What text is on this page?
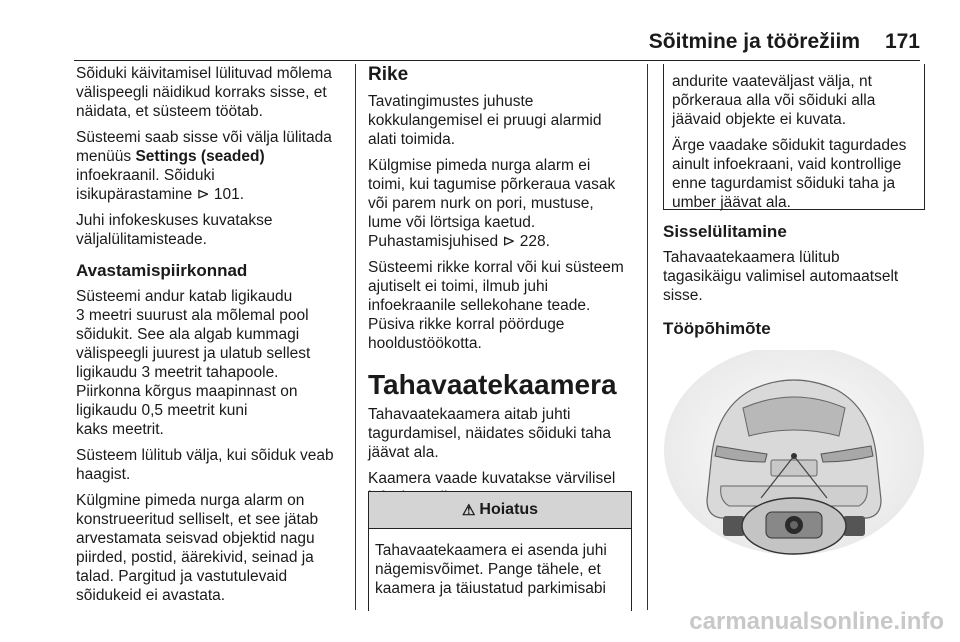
Sõitmine ja töörežiim 171

Sõiduki käivitamisel lülituvad mõlema
välispeegli näidikud korraks sisse, et
näidata, et süsteem töötab.

Süsteemi saab sisse või välja lülitada
menüüs Settings (seaded)
infoekraanil. Sõiduki
isikupärastamine ⊳ 101.

Juhi infokeskuses kuvatakse
väljalülitamisteade.

Avastamispiirkonnad

Süsteemi andur katab ligikaudu
3 meetri suurust ala mõlemal pool
sõidukit. See ala algab kummagi
välispeegli juurest ja ulatub sellest
ligikaudu 3 meetrit tahapoole.
Piirkonna kõrgus maapinnast on
ligikaudu 0,5 meetrit kuni
kaks meetrit.

Süsteem lülitub välja, kui sõiduk veab
haagist.

Külgmine pimeda nurga alarm on
konstrueeritud selliselt, et see jätab
arvestamata seisvad objektid nagu
piirded, postid, äärekivid, seinad ja
talad. Pargitud ja vastutulevaid
sõidukeid ei avastata.

Rike

Tavatingimustes juhuste
kokkulangemisel ei pruugi alarmid
alati toimida.

Külgmise pimeda nurga alarm ei
toimi, kui tagumise põrkeraua vasak
või parem nurk on pori, mustuse,
lume või lörtsiga kaetud.
Puhastamisjuhised ⊳ 228.

Süsteemi rikke korral või kui süsteem
ajutiselt ei toimi, ilmub juhi
infoekraanile sellekohane teade.
Püsiva rikke korral pöörduge
hooldustöökotta.

Tahavaatekaamera

Tahavaatekaamera aitab juhti
tagurdamisel, näidates sõiduki taha
jäävat ala.

Kaamera vaade kuvatakse värvilisel

⚠ Hoiatus
Tahavaatekaamera ei asenda juhi
nägemisvõimet. Pange tähele, et
kaamera ja täiustatud parkimisabi

andurite vaateväljast välja, nt
põrkeraua alla või sõiduki alla
jäävaid objekte ei kuvata.

Ärge vaadake sõidukit tagurdades
ainult infoekraani, vaid kontrollige
enne tagurdamist sõiduki taha ja
umber jäävat ala.

Sisselülitamine

Tahavaatekaamera lülitub
tagasikäigu valimisel automaatselt
sisse.

Tööpõhimõte
carmanualsonline.info
